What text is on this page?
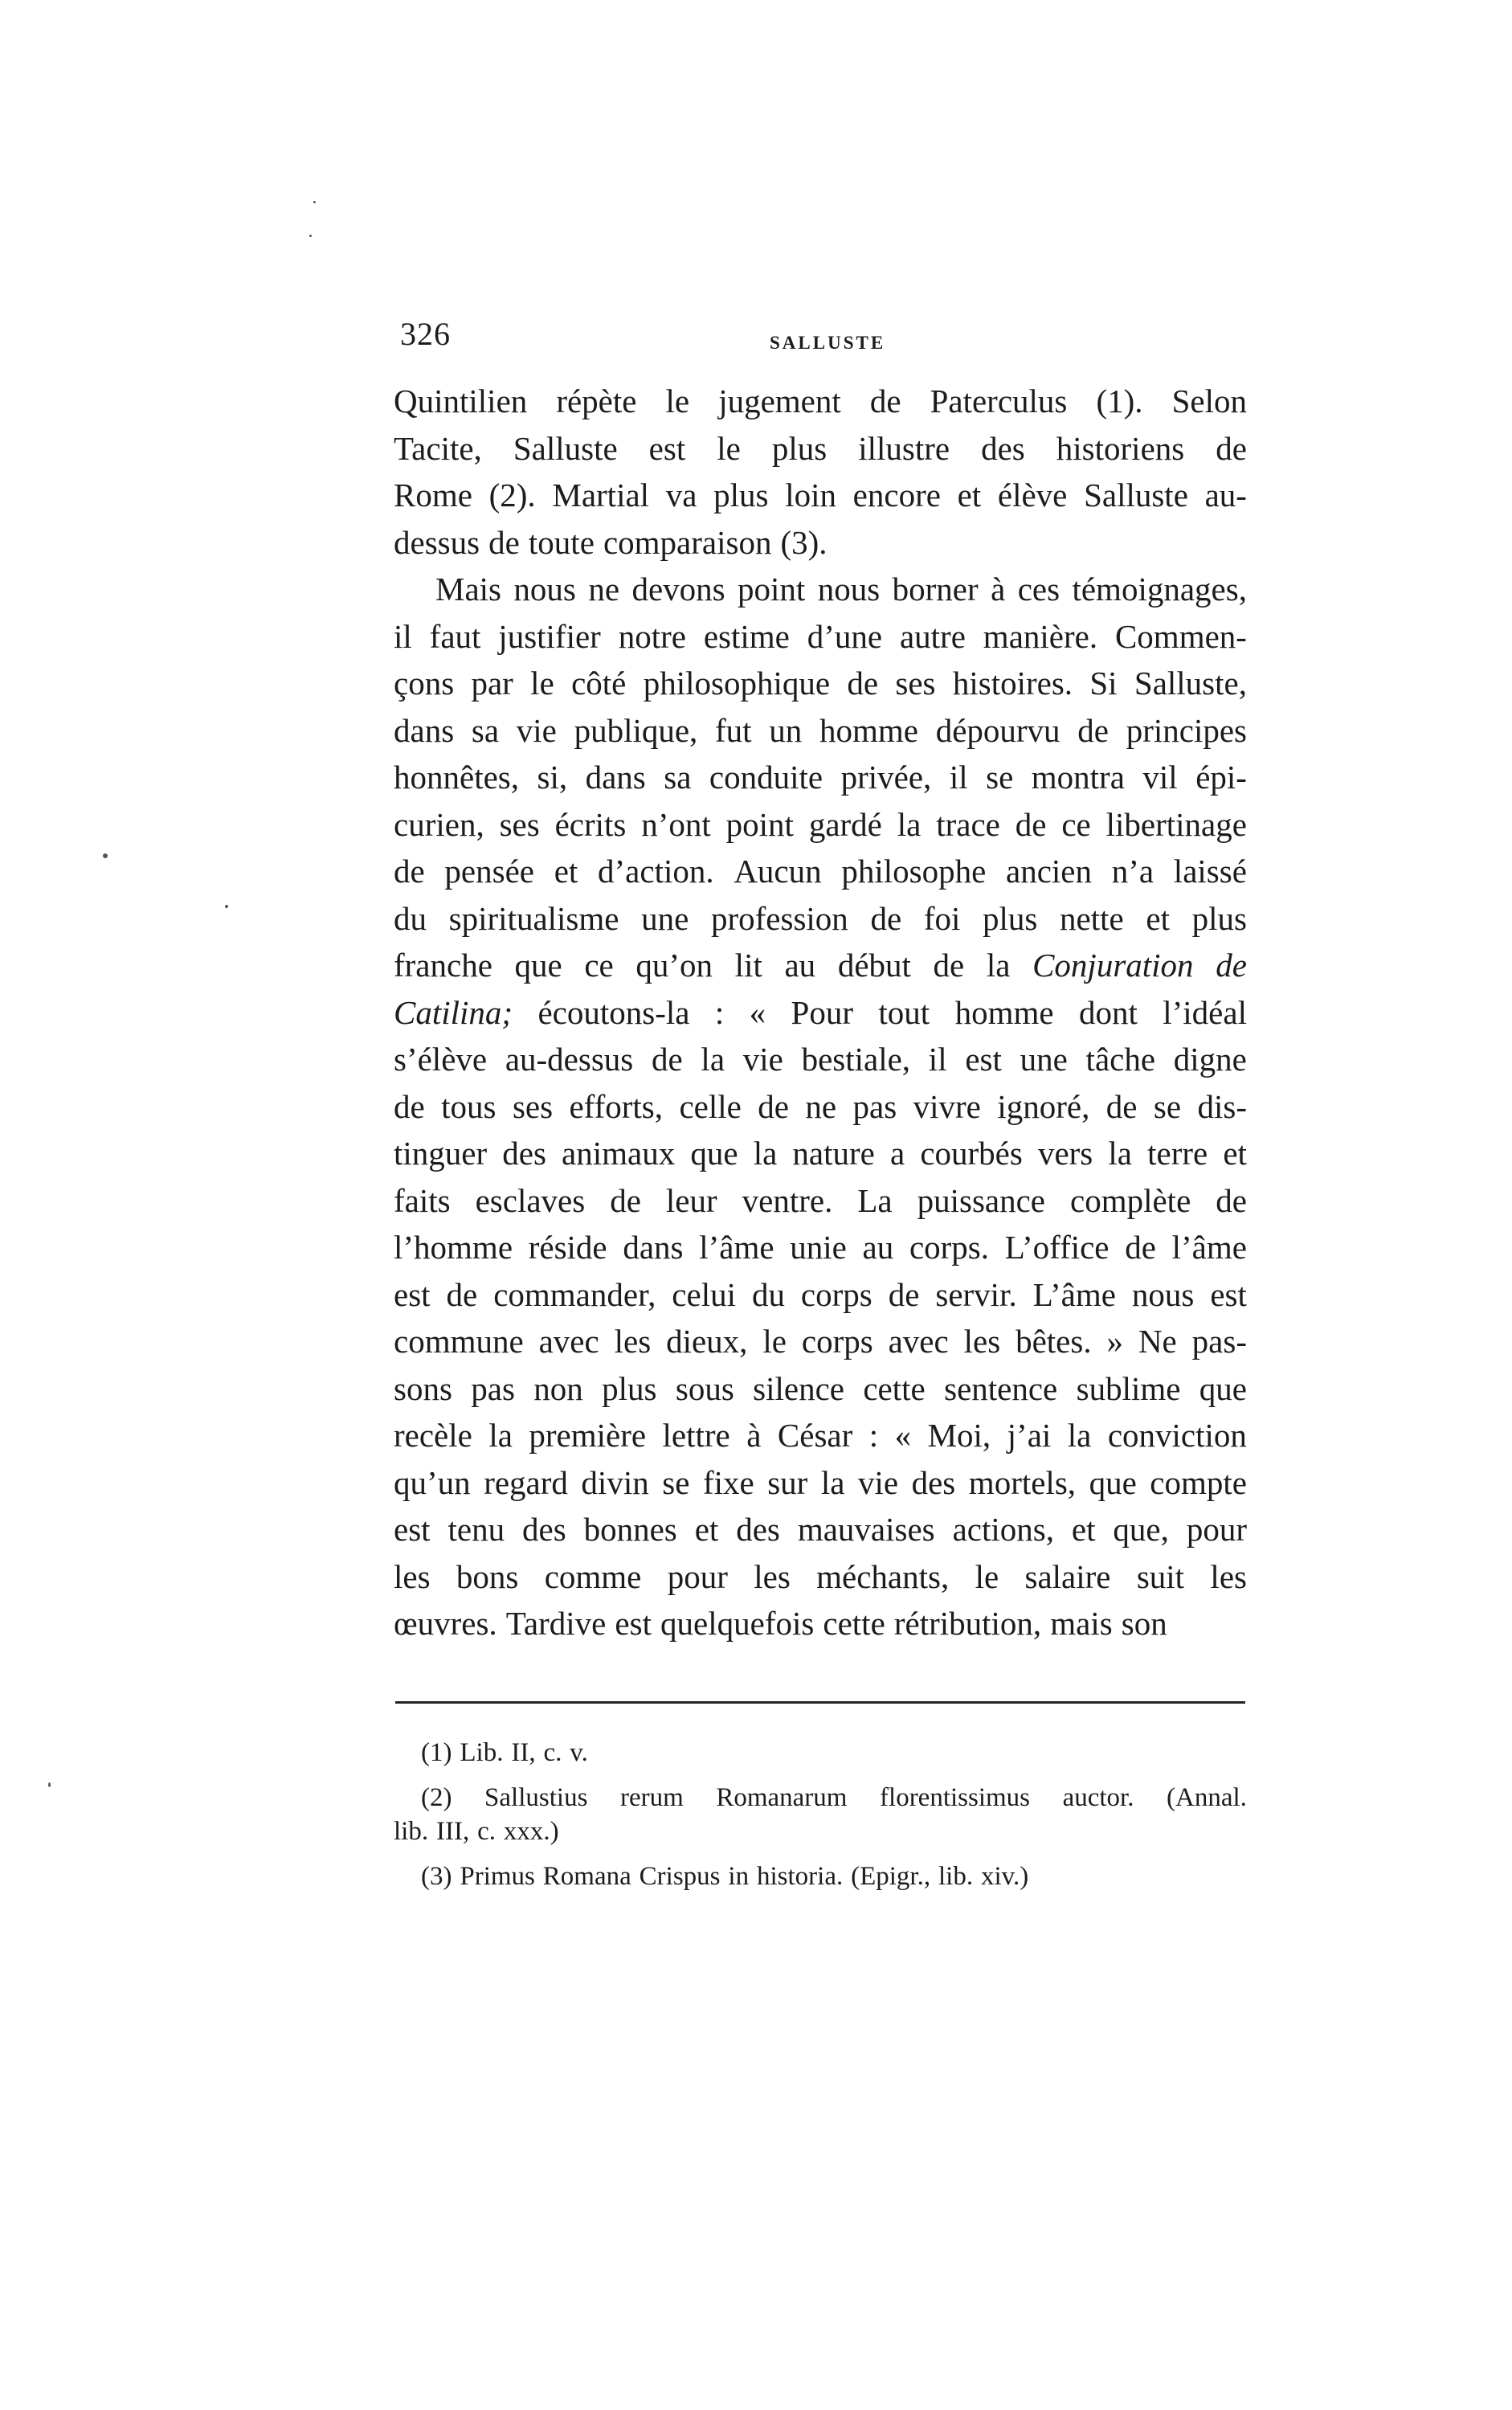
326	SALLUSTE
Quintilien répète le jugement de Paterculus (1). Selon
Tacite, Salluste est le plus illustre des historiens de
Rome (2). Martial va plus loin encore et élève Salluste au-
dessus de toute comparaison (3).
Mais nous ne devons point nous borner à ces témoignages,
il faut justifier notre estime d’une autre manière. Commen-
çons par le côté philosophique de ses histoires. Si Salluste,
dans sa vie publique, fut un homme dépourvu de principes
honnêtes, si, dans sa conduite privée, il se montra vil épi-
curien, ses écrits n’ont point gardé la trace de ce libertinage
de pensée et d’action. Aucun philosophe ancien n’a laissé
du spiritualisme une profession de foi plus nette et plus
franche que ce qu’on lit au début de la Conjuration de
Catilina; écoutons-la : « Pour tout homme dont l’idéal
s’élève au-dessus de la vie bestiale, il est une tâche digne
de tous ses efforts, celle de ne pas vivre ignoré, de se dis-
tinguer des animaux que la nature a courbés vers la terre et
faits esclaves de leur ventre. La puissance complète de
l’homme réside dans l’âme unie au corps. L’office de l’âme
est de commander, celui du corps de servir. L’âme nous est
commune avec les dieux, le corps avec les bêtes. » Ne pas-
sons pas non plus sous silence cette sentence sublime que
recèle la première lettre à César : « Moi, j’ai la conviction
qu’un regard divin se fixe sur la vie des mortels, que compte
est tenu des bonnes et des mauvaises actions, et que, pour
les bons comme pour les méchants, le salaire suit les
œuvres. Tardive est quelquefois cette rétribution, mais son
(1) Lib. II, c. v.
(2) Sallustius rerum Romanarum florentissimus auctor. (Annal.
lib. III, c. xxx.)
(3) Primus Romana Crispus in historia. (Epigr., lib. xiv.)
